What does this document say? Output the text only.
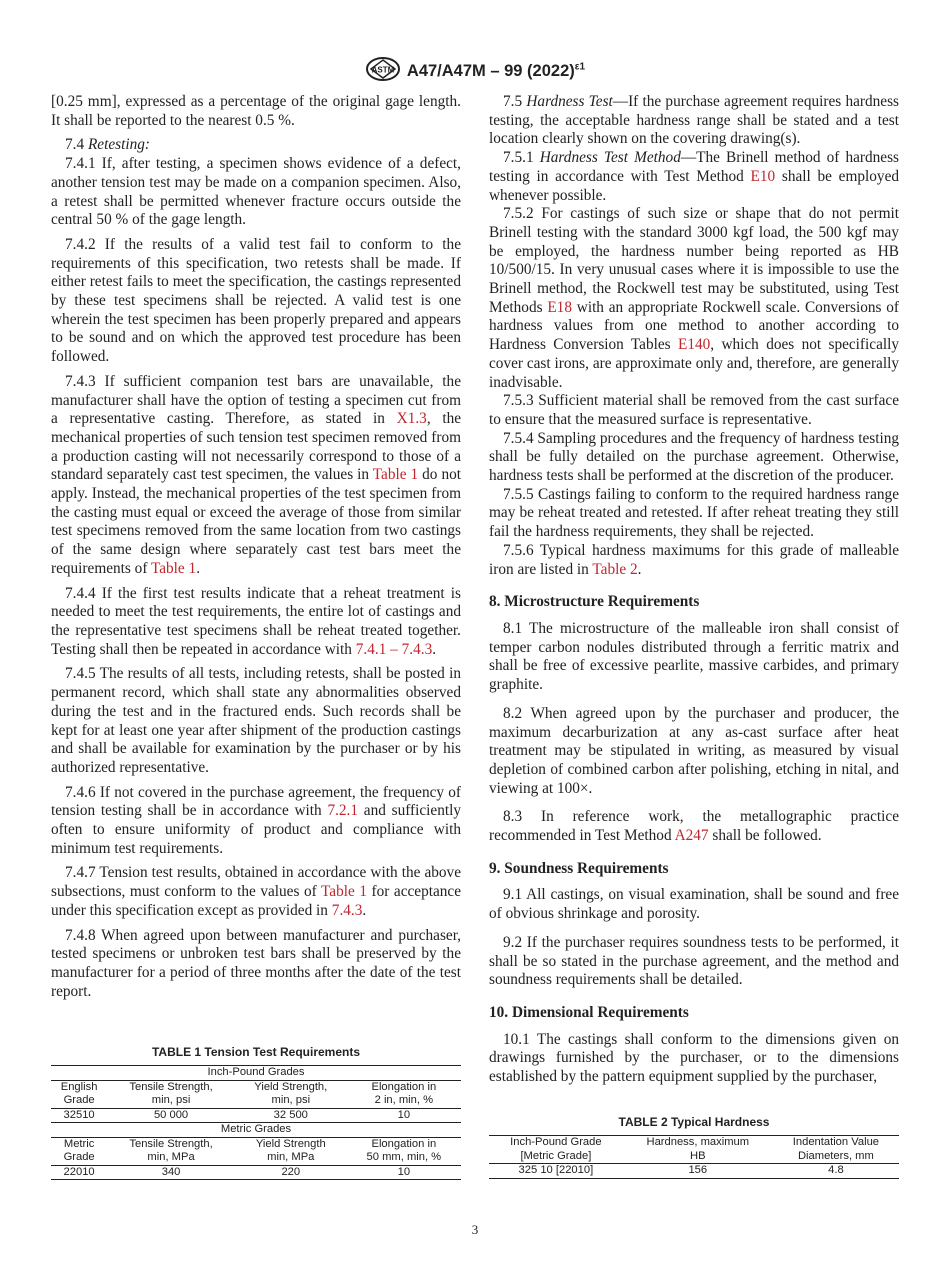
ASTM A47/A47M – 99 $(2022)^{\varepsilon 1}$

[0.25 mm], expressed as a percentage of the original gage length. It shall be reported to the nearest 0.5 %.

7.4 Retesting:

7.4.1 If, after testing, a specimen shows evidence of a defect, another tension test may be made on a companion specimen. Also, a retest shall be permitted whenever fracture occurs outside the central 50 % of the gage length.

7.4.2 If the results of a valid test fail to conform to the requirements of this specification, two retests shall be made. If either retest fails to meet the specification, the castings represented by these test specimens shall be rejected. A valid test is one wherein the test specimen has been properly prepared and appears to be sound and on which the approved test procedure has been followed.

7.4.3 If sufficient companion test bars are unavailable, the manufacturer shall have the option of testing a specimen cut from a representative casting. Therefore, as stated in X1.3, the mechanical properties of such tension test specimen removed from a production casting will not necessarily correspond to those of a standard separately cast test specimen, the values in Table 1 do not apply. Instead, the mechanical properties of the test specimen from the casting must equal or exceed the average of those from similar test specimens removed from the same location from two castings of the same design where separately cast test bars meet the requirements of Table 1.

7.4.4 If the first test results indicate that a reheat treatment is needed to meet the test requirements, the entire lot of castings and the representative test specimens shall be reheat treated together. Testing shall then be repeated in accordance with 7.4.1 – 7.4.3.

7.4.5 The results of all tests, including retests, shall be posted in permanent record, which shall state any abnormalities observed during the test and in the fractured ends. Such records shall be kept for at least one year after shipment of the production castings and shall be available for examination by the purchaser or by his authorized representative.

7.4.6 If not covered in the purchase agreement, the frequency of tension testing shall be in accordance with 7.2.1 and sufficiently often to ensure uniformity of product and compliance with minimum test requirements.

7.4.7 Tension test results, obtained in accordance with the above subsections, must conform to the values of Table 1 for acceptance under this specification except as provided in 7.4.3.

7.4.8 When agreed upon between manufacturer and purchaser, tested specimens or unbroken test bars shall be preserved by the manufacturer for a period of three months after the date of the test report.

7.5 Hardness Test—If the purchase agreement requires hardness testing, the acceptable hardness range shall be stated and a test location clearly shown on the covering drawing(s).

7.5.1 Hardness Test Method—The Brinell method of hardness testing in accordance with Test Method E10 shall be employed whenever possible.

7.5.2 For castings of such size or shape that do not permit Brinell testing with the standard 3000 kgf load, the 500 kgf may be employed, the hardness number being reported as HB 10/500/15. In very unusual cases where it is impossible to use the Brinell method, the Rockwell test may be substituted, using Test Methods E18 with an appropriate Rockwell scale. Conversions of hardness values from one method to another according to Hardness Conversion Tables E140, which does not specifically cover cast irons, are approximate only and, therefore, are generally inadvisable.

7.5.3 Sufficient material shall be removed from the cast surface to ensure that the measured surface is representative.

7.5.4 Sampling procedures and the frequency of hardness testing shall be fully detailed on the purchase agreement. Otherwise, hardness tests shall be performed at the discretion of the producer.

7.5.5 Castings failing to conform to the required hardness range may be reheat treated and retested. If after reheat treating they still fail the hardness requirements, they shall be rejected.

7.5.6 Typical hardness maximums for this grade of malleable iron are listed in Table 2.

8. Microstructure Requirements

8.1 The microstructure of the malleable iron shall consist of temper carbon nodules distributed through a ferritic matrix and shall be free of excessive pearlite, massive carbides, and primary graphite.

8.2 When agreed upon by the purchaser and producer, the maximum decarburization at any as-cast surface after heat treatment may be stipulated in writing, as measured by visual depletion of combined carbon after polishing, etching in nital, and viewing at 100×.

8.3 In reference work, the metallographic practice recommended in Test Method A247 shall be followed.

9. Soundness Requirements

9.1 All castings, on visual examination, shall be sound and free of obvious shrinkage and porosity.

9.2 If the purchaser requires soundness tests to be performed, it shall be so stated in the purchase agreement, and the method and soundness requirements shall be detailed.

10. Dimensional Requirements

10.1 The castings shall conform to the dimensions given on drawings furnished by the purchaser, or to the dimensions established by the pattern equipment supplied by the purchaser,

TABLE 1 Tension Test Requirements
Inch-Pound Grades			
English	Tensile Strength,	Yield Strength,	Elongation in
Grade	min, psi	min, psi	2 in, min, %
32510	50 000	32 500	10
Metric Grades			
Metric	Tensile Strength,	Yield Strength	Elongation in
Grade	min, MPa	min, MPa	50 mm, min, %
22010	340	220	10
TABLE 2 Typical Hardness
Inch-Pound Grade	Hardness, maximum	Indentation Value
[Metric Grade]	HB	Diameters, mm
325 10 [22010]	156	4.8
3
